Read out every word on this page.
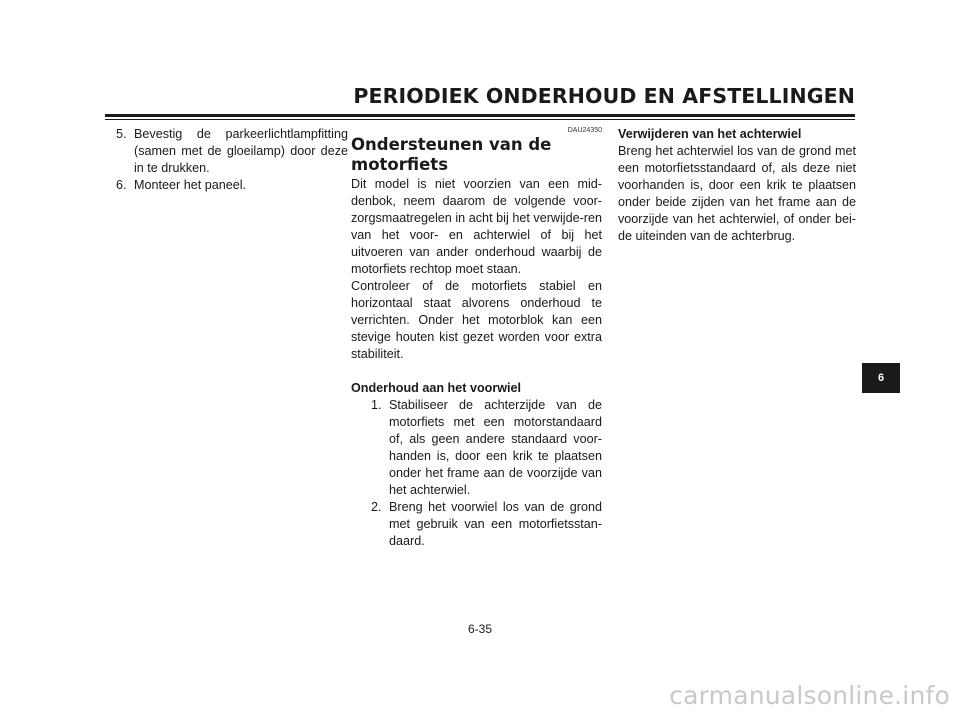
PERIODIEK ONDERHOUD EN AFSTELLINGEN
5. Bevestig de parkeerlichtlampfitting (samen met de gloeilamp) door deze in te drukken.
6. Monteer het paneel.
DAU24350
Ondersteunen van de
motorfiets

Dit model is niet voorzien van een mid-denbok, neem daarom de volgende voor-zorgsmaatregelen in acht bij het verwijde-ren van het voor- en achterwiel of bij het uitvoeren van ander onderhoud waarbij de motorfiets rechtop moet staan.

Controleer of de motorfiets stabiel en horizontaal staat alvorens onderhoud te verrichten. Onder het motorblok kan een stevige houten kist gezet worden voor extra stabiliteit.

Onderhoud aan het voorwiel
1. Stabiliseer de achterzijde van de motorfiets met een motorstandaard of, als geen andere standaard voor-handen is, door een krik te plaatsen onder het frame aan de voorzijde van het achterwiel.
2. Breng het voorwiel los van de grond met gebruik van een motorfietsstan-daard.
Verwijderen van het achterwiel

Breng het achterwiel los van de grond met een motorfietsstandaard of, als deze niet voorhanden is, door een krik te plaatsen onder beide zijden van het frame aan de voorzijde van het achterwiel, of onder bei-de uiteinden van de achterbrug.

6
6-35
carmanualsonline.info
